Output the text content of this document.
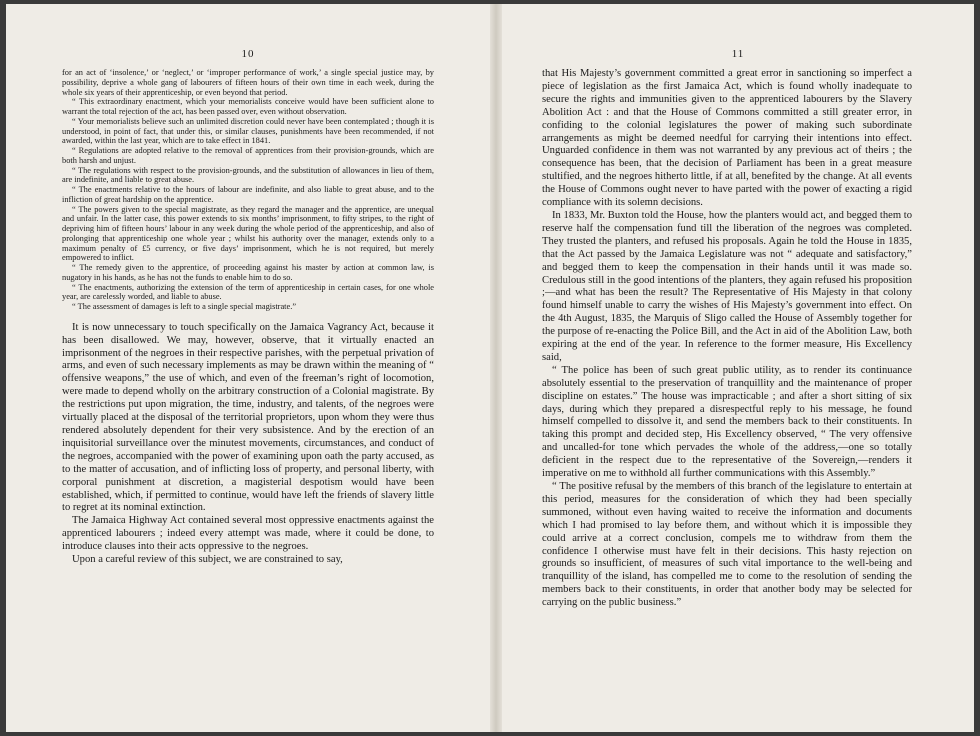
10

for an act of ‘insolence,’ or ‘neglect,’ or ‘improper performance of work,’ a single special justice may, by possibility, deprive a whole gang of labourers of fifteen hours of their own time in each week, during the whole six years of their apprenticeship, or even beyond that period.

“ This extraordinary enactment, which your memorialists conceive would have been sufficient alone to warrant the total rejection of the act, has been passed over, even without observation.

“ Your memorialists believe such an unlimited discretion could never have been contemplated ; though it is understood, in point of fact, that under this, or similar clauses, punishments have been recommended, if not awarded, within the last year, which are to take effect in 1841.

“ Regulations are adopted relative to the removal of apprentices from their provision-grounds, which are both harsh and unjust.

“ The regulations with respect to the provision-grounds, and the substitution of allowances in lieu of them, are indefinite, and liable to great abuse.

“ The enactments relative to the hours of labour are indefinite, and also liable to great abuse, and to the infliction of great hardship on the apprentice.

“ The powers given to the special magistrate, as they regard the manager and the apprentice, are unequal and unfair. In the latter case, this power extends to six months’ imprisonment, to fifty stripes, to the right of depriving him of fifteen hours’ labour in any week during the whole period of the apprenticeship, and also of prolonging that apprenticeship one whole year ; whilst his authority over the manager, extends only to a maximum penalty of £5 currency, or five days’ imprisonment, which he is not required, but merely empowered to inflict.

“ The remedy given to the apprentice, of proceeding against his master by action at common law, is nugatory in his hands, as he has not the funds to enable him to do so.

“ The enactments, authorizing the extension of the term of apprenticeship in certain cases, for one whole year, are carelessly worded, and liable to abuse.

“ The assessment of damages is left to a single special magistrate.”

It is now unnecessary to touch specifically on the Jamaica Vagrancy Act, because it has been disallowed. We may, however, observe, that it virtually enacted an imprisonment of the negroes in their respective parishes, with the perpetual privation of arms, and even of such necessary implements as may be drawn within the meaning of “ offensive weapons,” the use of which, and even of the freeman’s right of locomotion, were made to depend wholly on the arbitrary construction of a Colonial magistrate. By the restrictions put upon migration, the time, industry, and talents, of the negroes were virtually placed at the disposal of the territorial proprietors, upon whom they were thus rendered absolutely dependent for their very subsistence. And by the erection of an inquisitorial surveillance over the minutest movements, circumstances, and conduct of the negroes, accompanied with the power of examining upon oath the party accused, as to the matter of accusation, and of inflicting loss of property, and personal liberty, with corporal punishment at discretion, a magisterial despotism would have been established, which, if permitted to continue, would have left the friends of slavery little to regret at its nominal extinction.

The Jamaica Highway Act contained several most oppressive enactments against the apprenticed labourers ; indeed every attempt was made, where it could be done, to introduce clauses into their acts oppressive to the negroes.

Upon a careful review of this subject, we are constrained to say,

11

that His Majesty’s government committed a great error in sanctioning so imperfect a piece of legislation as the first Jamaica Act, which is found wholly inadequate to secure the rights and immunities given to the apprenticed labourers by the Slavery Abolition Act : and that the House of Commons committed a still greater error, in confiding to the colonial legislatures the power of making such subordinate arrangements as might be deemed needful for carrying their intentions into effect. Unguarded confidence in them was not warranted by any previous act of theirs ; the consequence has been, that the decision of Parliament has been in a great measure stultified, and the negroes hitherto little, if at all, benefited by the change. At all events the House of Commons ought never to have parted with the power of exacting a rigid compliance with its solemn decisions.

In 1833, Mr. Buxton told the House, how the planters would act, and begged them to reserve half the compensation fund till the liberation of the negroes was completed. They trusted the planters, and refused his proposals. Again he told the House in 1835, that the Act passed by the Jamaica Legislature was not “ adequate and satisfactory,” and begged them to keep the compensation in their hands until it was made so. Credulous still in the good intentions of the planters, they again refused his proposition ;—and what has been the result? The Representative of His Majesty in that colony found himself unable to carry the wishes of His Majesty’s government into effect. On the 4th August, 1835, the Marquis of Sligo called the House of Assembly together for the purpose of re-enacting the Police Bill, and the Act in aid of the Abolition Law, both expiring at the end of the year. In reference to the former measure, His Excellency said,

“ The police has been of such great public utility, as to render its continuance absolutely essential to the preservation of tranquillity and the maintenance of proper discipline on estates.” The house was impracticable ; and after a short sitting of six days, during which they prepared a disrespectful reply to his message, he found himself compelled to dissolve it, and send the members back to their constituents. In taking this prompt and decided step, His Excellency observed, “ The very offensive and uncalled-for tone which pervades the whole of the address,—one so totally deficient in the respect due to the representative of the Sovereign,—renders it imperative on me to withhold all further communications with this Assembly.”

“ The positive refusal by the members of this branch of the legislature to entertain at this period, measures for the consideration of which they had been specially summoned, without even having waited to receive the information and documents which I had promised to lay before them, and without which it is impossible they could arrive at a correct conclusion, compels me to withdraw from them the confidence I otherwise must have felt in their decisions. This hasty rejection on grounds so insufficient, of measures of such vital importance to the well-being and tranquillity of the island, has compelled me to come to the resolution of sending the members back to their constituents, in order that another body may be selected for carrying on the public business.”
